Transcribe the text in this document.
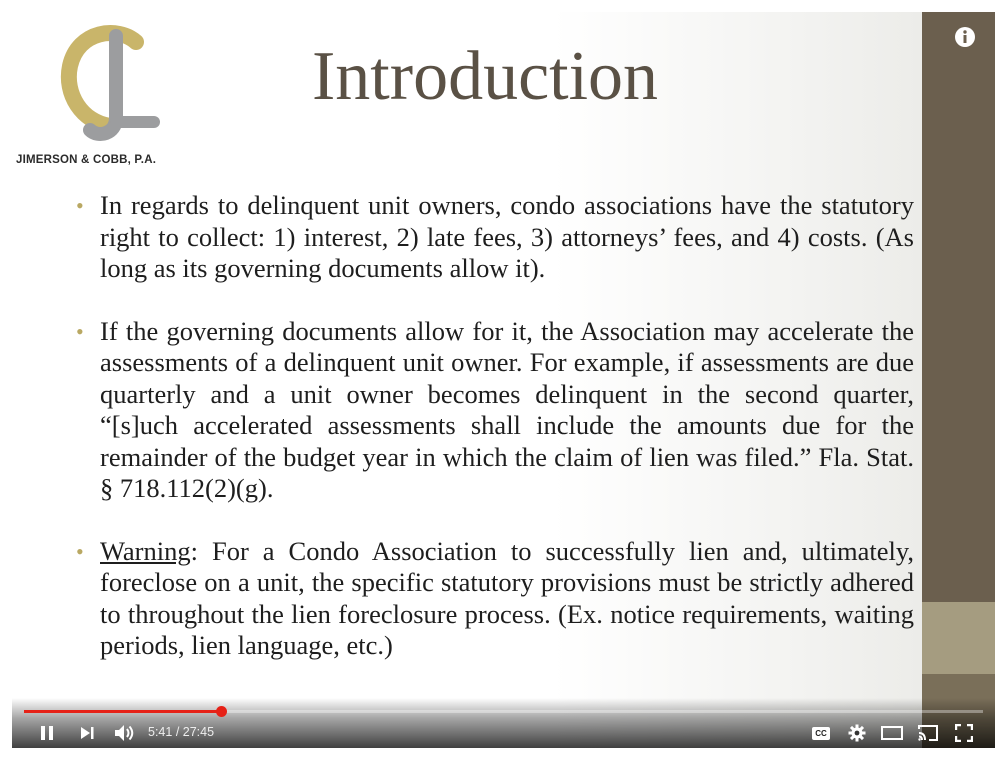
JIMERSON & COBB, P.A.
Introduction
• In regards to delinquent unit owners, condo associations have the statutory right to collect: 1) interest, 2) late fees, 3) attorneys’ fees, and 4) costs. (As long as its governing documents allow it).
• If the governing documents allow for it, the Association may accelerate the assessments of a delinquent unit owner. For example, if assessments are due quarterly and a unit owner becomes delinquent in the second quarter, “[s]uch accelerated assessments shall include the amounts due for the remainder of the budget year in which the claim of lien was filed.” Fla. Stat. § 718.112(2)(g).
• Warning: For a Condo Association to successfully lien and, ultimately, foreclose on a unit, the specific statutory provisions must be strictly adhered to throughout the lien foreclosure process. (Ex. notice requirements, waiting periods, lien language, etc.)
5:41 / 27:45	CC
